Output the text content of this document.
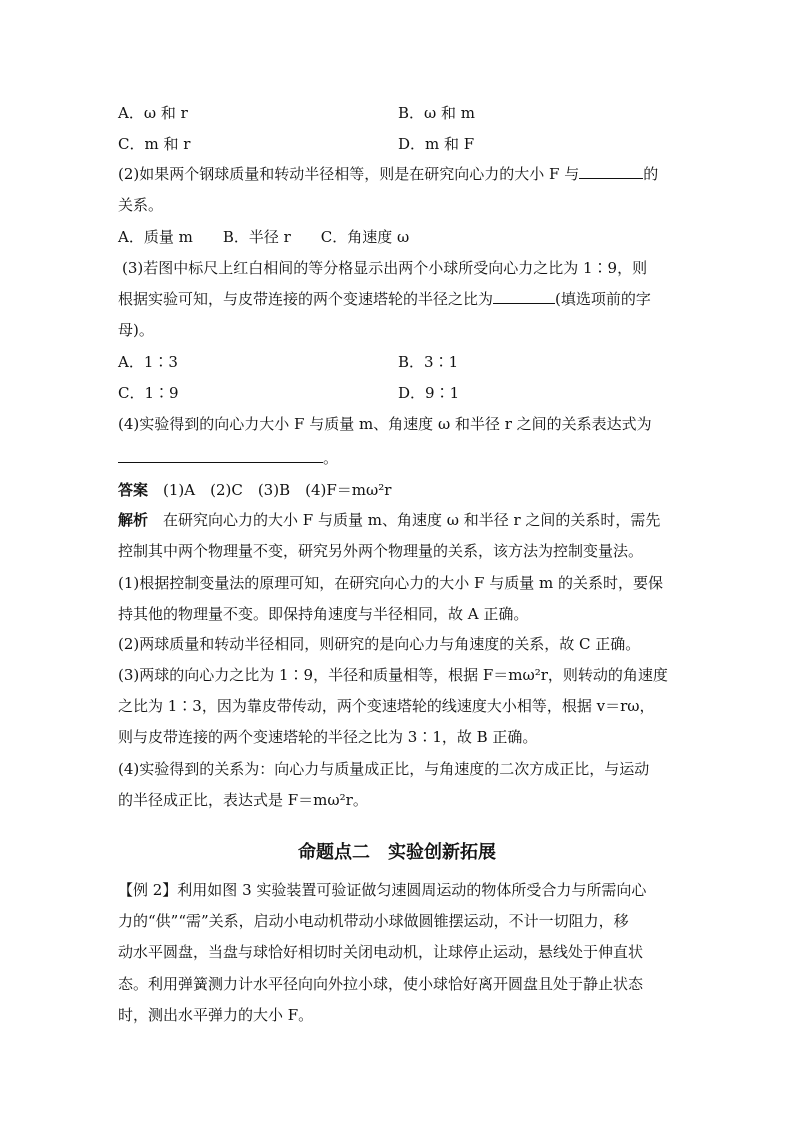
A．ω 和 r	B．ω 和 m
C．m 和 r	D．m 和 F
(2)如果两个钢球质量和转动半径相等，则是在研究向心力的大小 F 与	的
关系。
A．质量 m　　B．半径 r　　C．角速度 ω
(3)若图中标尺上红白相间的等分格显示出两个小球所受向心力之比为 1∶9，则
根据实验可知，与皮带连接的两个变速塔轮的半径之比为	(填选项前的字
母)。
A．1∶3	B．3∶1
C．1∶9	D．9∶1
(4)实验得到的向心力大小 F 与质量 m、角速度 ω 和半径 r 之间的关系表达式为
。
答案　(1)A　(2)C　(3)B　(4)F＝mω²r
解析　在研究向心力的大小 F 与质量 m、角速度 ω 和半径 r 之间的关系时，需先
控制其中两个物理量不变，研究另外两个物理量的关系，该方法为控制变量法。
(1)根据控制变量法的原理可知，在研究向心力的大小 F 与质量 m 的关系时，要保
持其他的物理量不变。即保持角速度与半径相同，故 A 正确。
(2)两球质量和转动半径相同，则研究的是向心力与角速度的关系，故 C 正确。
(3)两球的向心力之比为 1∶9，半径和质量相等，根据 F＝mω²r，则转动的角速度
之比为 1∶3，因为靠皮带传动，两个变速塔轮的线速度大小相等，根据 v＝rω，
则与皮带连接的两个变速塔轮的半径之比为 3∶1，故 B 正确。
(4)实验得到的关系为：向心力与质量成正比，与角速度的二次方成正比，与运动
的半径成正比，表达式是 F＝mω²r。
命题点二　实验创新拓展
【例 2】利用如图 3 实验装置可验证做匀速圆周运动的物体所受合力与所需向心
力的“供”“需”关系，启动小电动机带动小球做圆锥摆运动，不计一切阻力，移
动水平圆盘，当盘与球恰好相切时关闭电动机，让球停止运动，悬线处于伸直状
态。利用弹簧测力计水平径向向外拉小球，使小球恰好离开圆盘且处于静止状态
时，测出水平弹力的大小 F。
